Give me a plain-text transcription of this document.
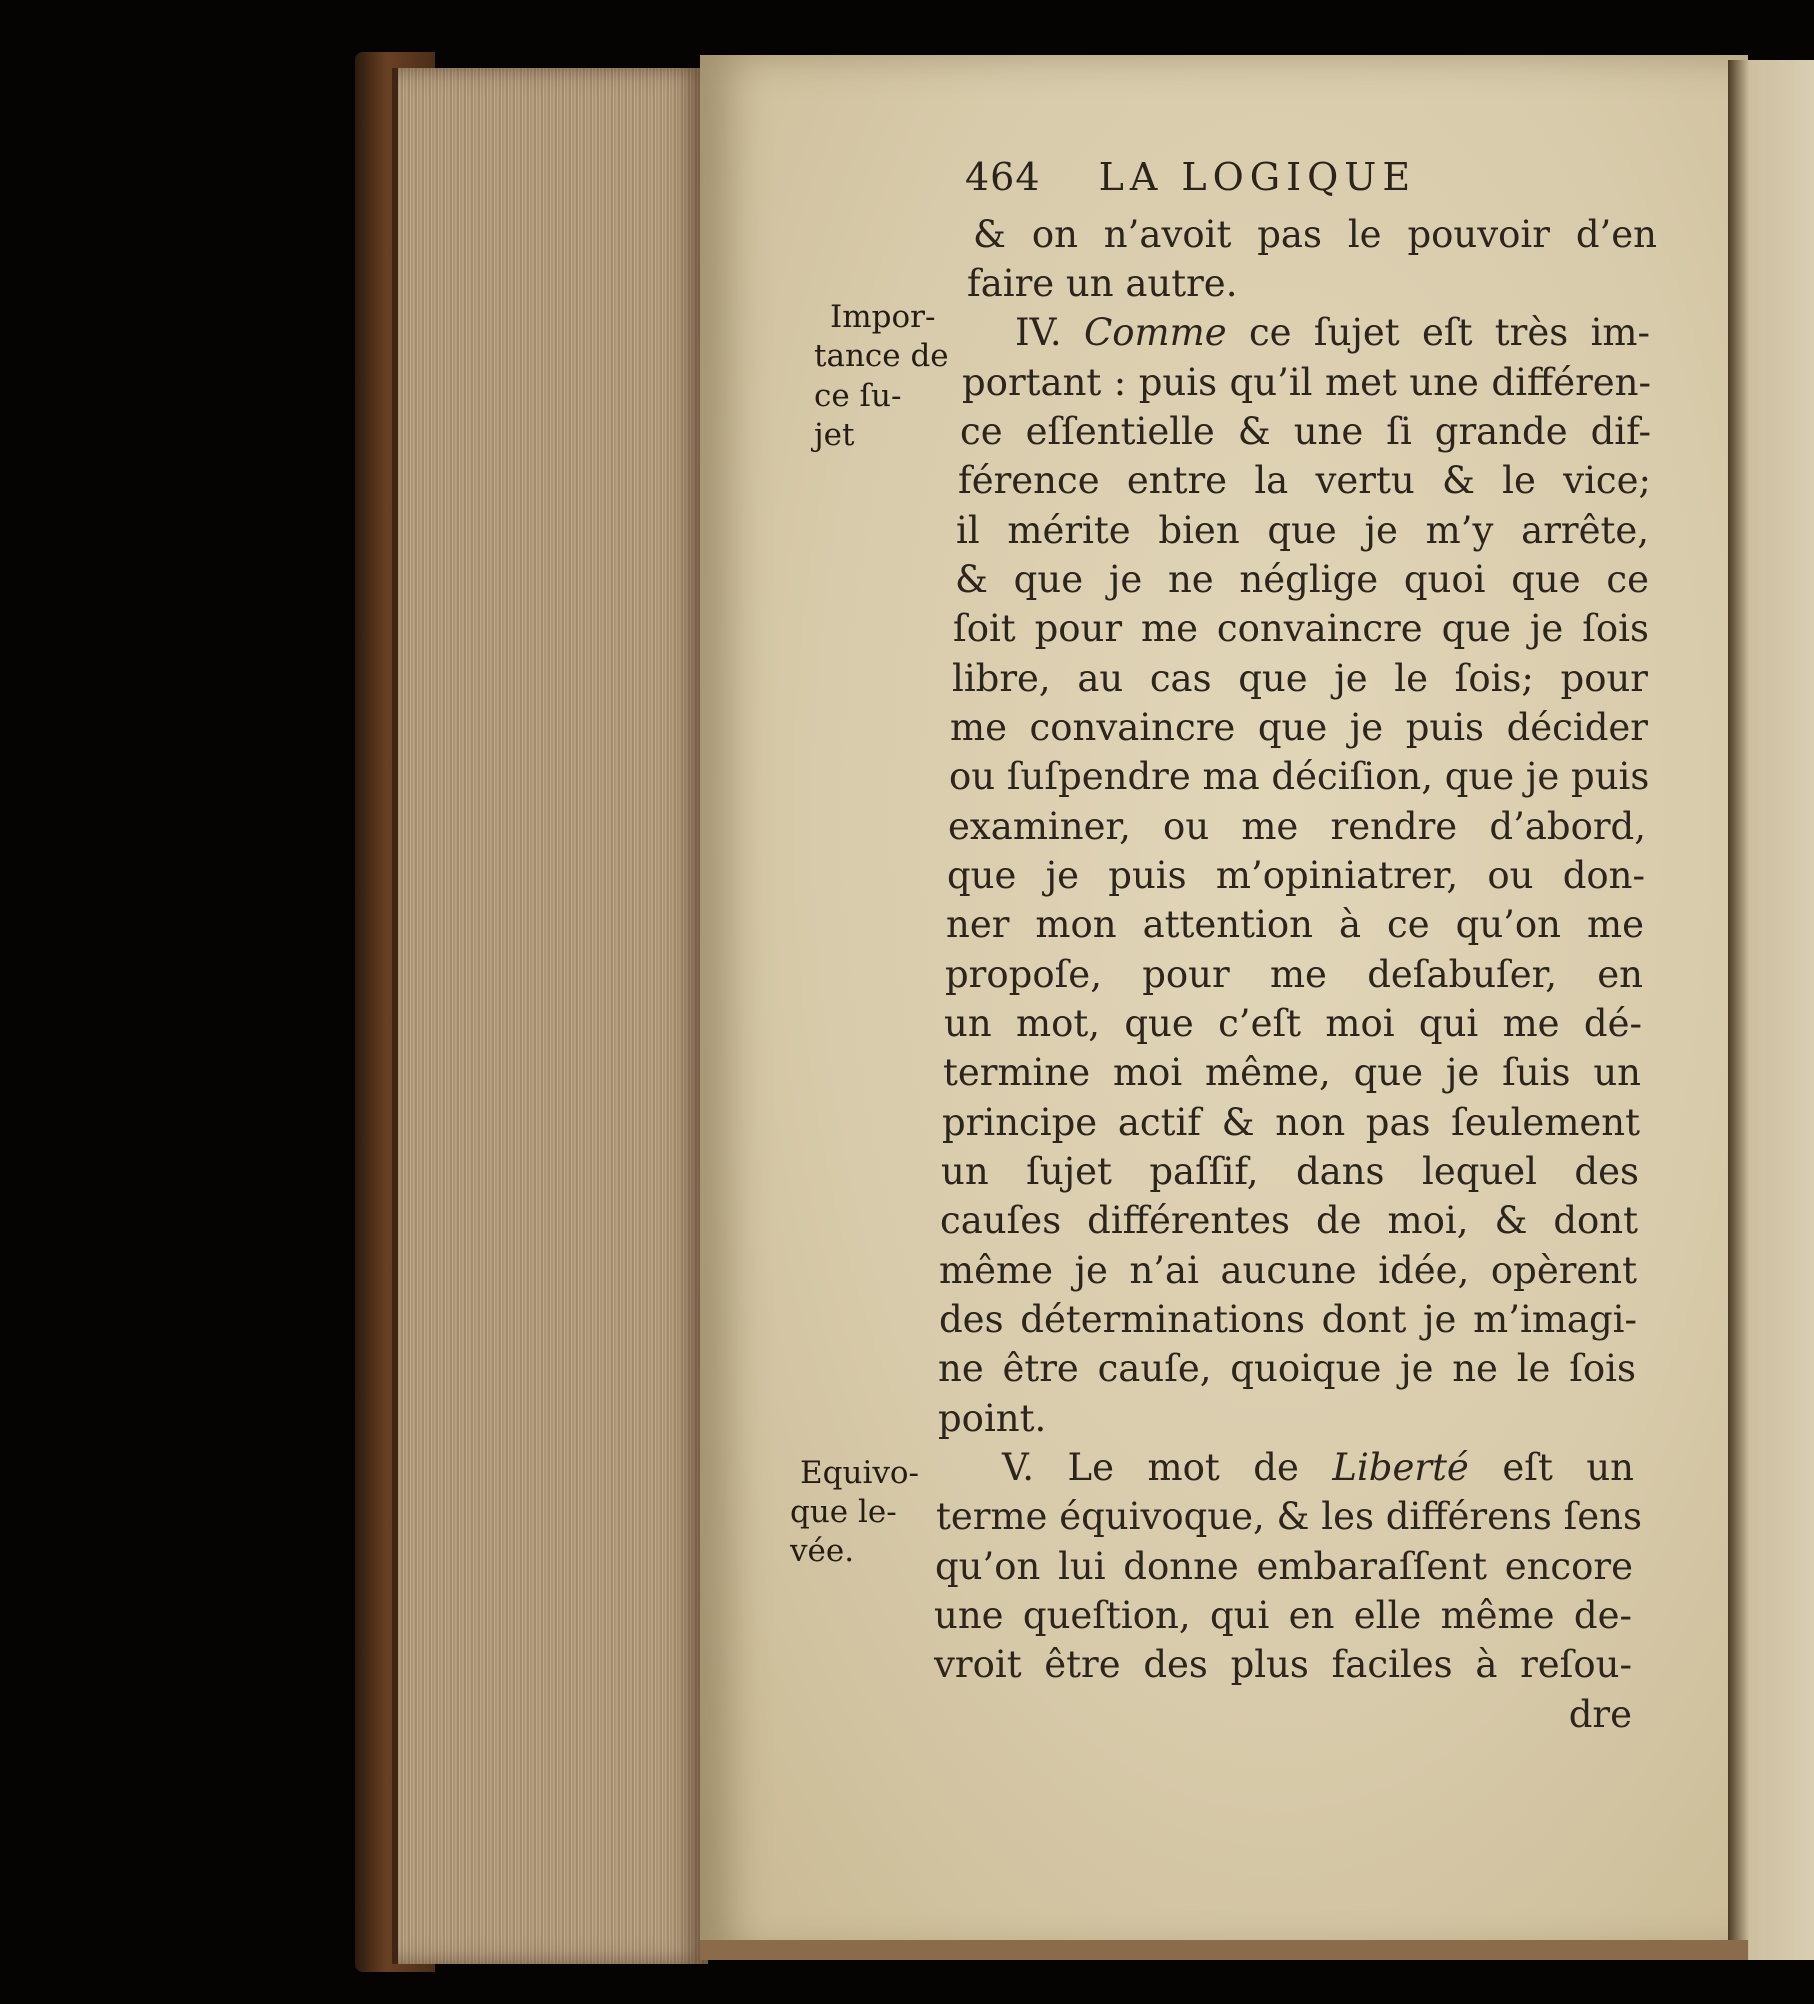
464 LA LOGIQUE
Impor-
tance de
ce ſu-
jet
Equivo-
que le-
vée.
& on n’avoit pas le pouvoir d’en
faire un autre.
IV. Comme ce ſujet eſt très im-
portant : puis qu’il met une différen-
ce eſſentielle & une ſi grande dif-
férence entre la vertu & le vice;
il mérite bien que je m’y arrête,
& que je ne néglige quoi que ce
ſoit pour me convaincre que je ſois
libre, au cas que je le ſois; pour
me convaincre que je puis décider
ou ſuſpendre ma déciſion, que je puis
examiner, ou me rendre d’abord,
que je puis m’opiniatrer, ou don-
ner mon attention à ce qu’on me
propoſe, pour me deſabuſer, en
un mot, que c’eſt moi qui me dé-
termine moi même, que je ſuis un
principe actif & non pas ſeulement
un ſujet paſſif, dans lequel des
cauſes différentes de moi, & dont
même je n’ai aucune idée, opèrent
des déterminations dont je m’imagi-
ne être cauſe, quoique je ne le ſois
point.
V. Le mot de Liberté eſt un
terme équivoque, & les différens ſens
qu’on lui donne embaraſſent encore
une queſtion, qui en elle même de-
vroit être des plus faciles à reſou-
dre
